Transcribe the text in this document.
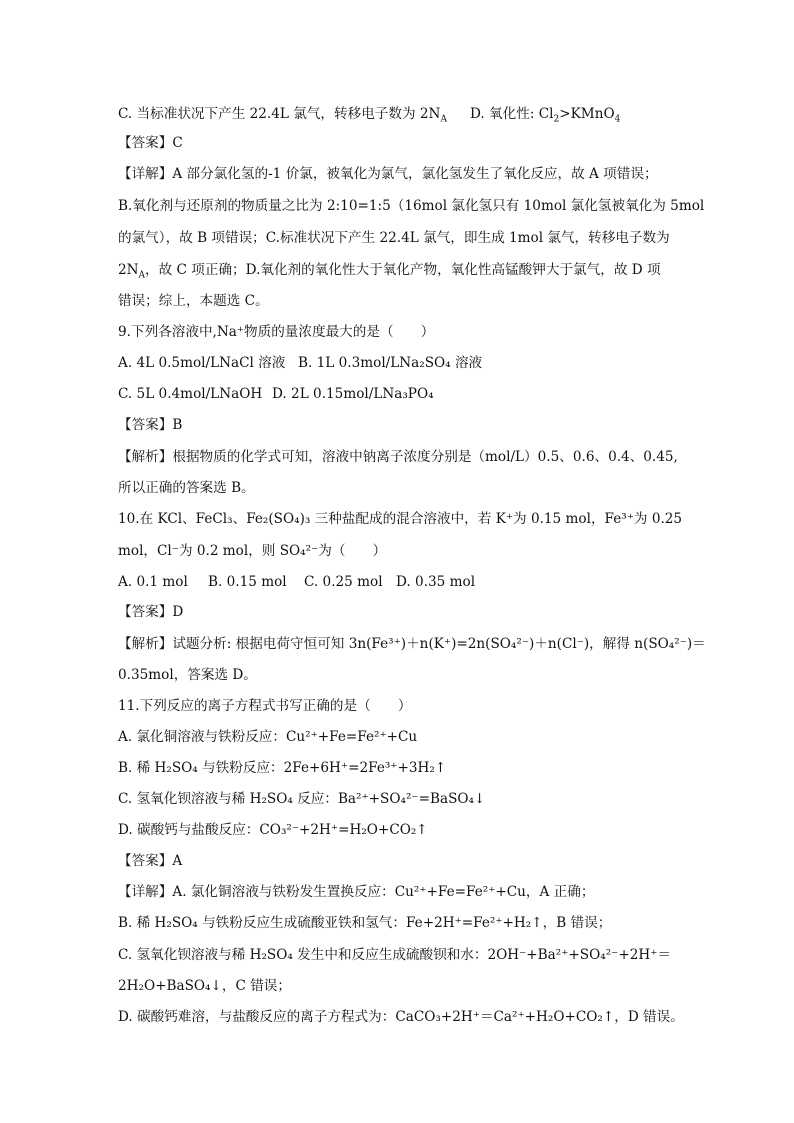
C. 当标准状况下产生 22.4L 氯气，转移电子数为 $2N_A$ D. 氧化性: $Cl_2>KMnO_4$

【答案】C

【详解】A 部分氯化氢的-1 价氯，被氧化为氯气，氯化氢发生了氧化反应，故 A 项错误；

B.氧化剂与还原剂的物质量之比为 2:10=1:5（16mol 氯化氢只有 10mol 氯化氢被氧化为 5mol

的氯气），故 B 项错误；C.标准状况下产生 22.4L 氯气，即生成 1mol 氯气，转移电子数为

$2N_A$，故 C 项正确；D.氧化剂的氧化性大于氧化产物，氧化性高锰酸钾大于氯气，故 D 项

错误；综上，本题选 C。

9.下列各溶液中,Na⁺物质的量浓度最大的是（　　）

A. 4L 0.5mol/LNaCl 溶液 B. 1L 0.3mol/LNa₂SO₄ 溶液
C. 5L 0.4mol/LNaOH D. 2L 0.15mol/LNa₃PO₄

【答案】B

【解析】根据物质的化学式可知，溶液中钠离子浓度分别是（mol/L）0.5、0.6、0.4、0.45,

所以正确的答案选 B。

10.在 KCl、FeCl₃、Fe₂(SO₄)₃ 三种盐配成的混合溶液中，若 K⁺为 0.15 mol，Fe³⁺为 0.25

mol，Cl⁻为 0.2 mol，则 SO₄²⁻为（　　）

A. 0.1 mol B. 0.15 mol C. 0.25 mol D. 0.35 mol

【答案】D

【解析】试题分析: 根据电荷守恒可知 3n(Fe³⁺)＋n(K⁺)=2n(SO₄²⁻)＋n(Cl⁻)，解得 n(SO₄²⁻)＝

0.35mol，答案选 D。

11.下列反应的离子方程式书写正确的是（　　）

A. 氯化铜溶液与铁粉反应：Cu²⁺+Fe=Fe²⁺+Cu

B. 稀 H₂SO₄ 与铁粉反应：2Fe+6H⁺=2Fe³⁺+3H₂↑

C. 氢氧化钡溶液与稀 H₂SO₄ 反应：Ba²⁺+SO₄²⁻=BaSO₄↓

D. 碳酸钙与盐酸反应：CO₃²⁻+2H⁺=H₂O+CO₂↑

【答案】A

【详解】A. 氯化铜溶液与铁粉发生置换反应：Cu²⁺+Fe=Fe²⁺+Cu，A 正确；

B. 稀 H₂SO₄ 与铁粉反应生成硫酸亚铁和氢气：Fe+2H⁺=Fe²⁺+H₂↑，B 错误；

C. 氢氧化钡溶液与稀 H₂SO₄ 发生中和反应生成硫酸钡和水：2OH⁻+Ba²⁺+SO₄²⁻+2H⁺＝

2H₂O+BaSO₄↓，C 错误；

D. 碳酸钙难溶，与盐酸反应的离子方程式为：CaCO₃+2H⁺＝Ca²⁺+H₂O+CO₂↑，D 错误。
